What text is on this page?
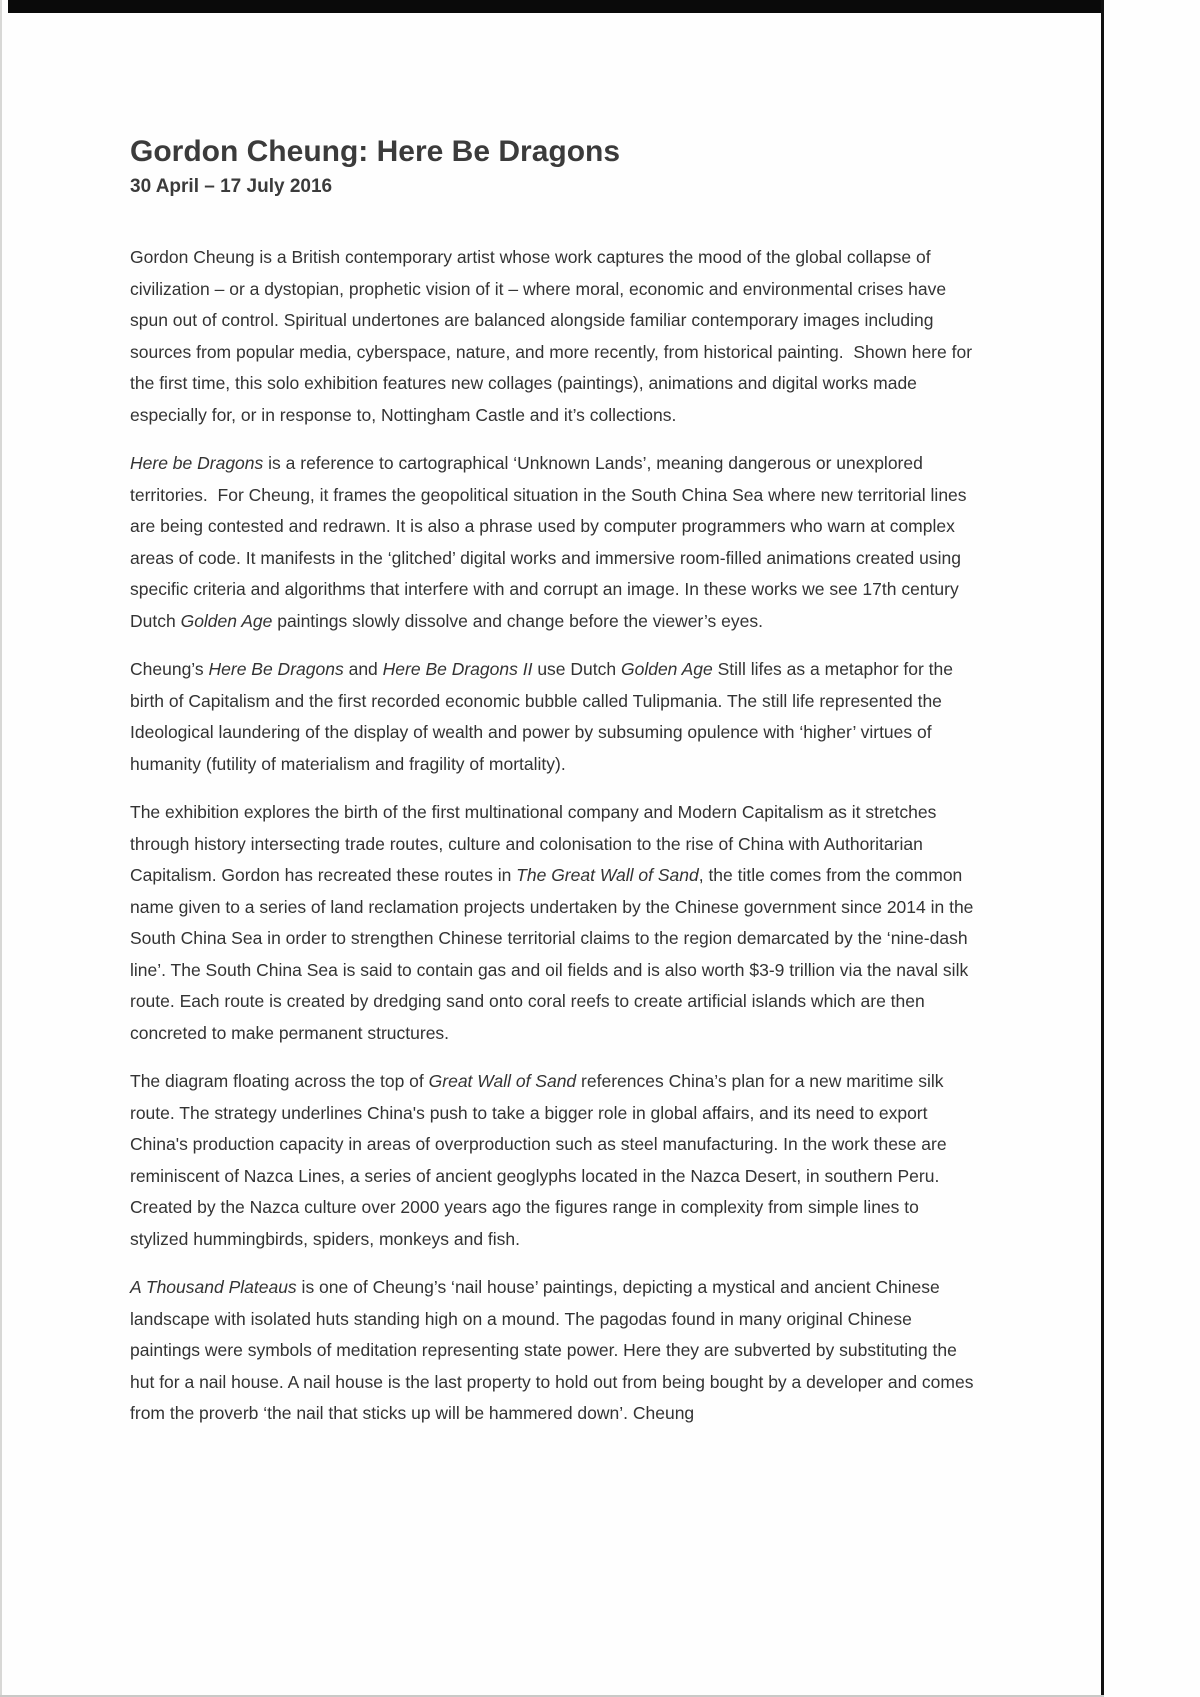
Gordon Cheung: Here Be Dragons
30 April – 17 July 2016

Gordon Cheung is a British contemporary artist whose work captures the mood of the global collapse of civilization – or a dystopian, prophetic vision of it – where moral, economic and environmental crises have spun out of control. Spiritual undertones are balanced alongside familiar contemporary images including sources from popular media, cyberspace, nature, and more recently, from historical painting.  Shown here for the first time, this solo exhibition features new collages (paintings), animations and digital works made especially for, or in response to, Nottingham Castle and it’s collections.

Here be Dragons is a reference to cartographical ‘Unknown Lands’, meaning dangerous or unexplored territories.  For Cheung, it frames the geopolitical situation in the South China Sea where new territorial lines are being contested and redrawn. It is also a phrase used by computer programmers who warn at complex areas of code. It manifests in the ‘glitched’ digital works and immersive room-filled animations created using specific criteria and algorithms that interfere with and corrupt an image. In these works we see 17th century Dutch Golden Age paintings slowly dissolve and change before the viewer’s eyes.

Cheung’s Here Be Dragons and Here Be Dragons II use Dutch Golden Age Still lifes as a metaphor for the birth of Capitalism and the first recorded economic bubble called Tulipmania. The still life represented the Ideological laundering of the display of wealth and power by subsuming opulence with ‘higher’ virtues of humanity (futility of materialism and fragility of mortality).

The exhibition explores the birth of the first multinational company and Modern Capitalism as it stretches through history intersecting trade routes, culture and colonisation to the rise of China with Authoritarian Capitalism. Gordon has recreated these routes in The Great Wall of Sand, the title comes from the common name given to a series of land reclamation projects undertaken by the Chinese government since 2014 in the South China Sea in order to strengthen Chinese territorial claims to the region demarcated by the ‘nine-dash line’. The South China Sea is said to contain gas and oil fields and is also worth $3-9 trillion via the naval silk route. Each route is created by dredging sand onto coral reefs to create artificial islands which are then concreted to make permanent structures.

The diagram floating across the top of Great Wall of Sand references China’s plan for a new maritime silk route. The strategy underlines China's push to take a bigger role in global affairs, and its need to export China's production capacity in areas of overproduction such as steel manufacturing. In the work these are reminiscent of Nazca Lines, a series of ancient geoglyphs located in the Nazca Desert, in southern Peru. Created by the Nazca culture over 2000 years ago the figures range in complexity from simple lines to stylized hummingbirds, spiders, monkeys and fish.

A Thousand Plateaus is one of Cheung’s ‘nail house’ paintings, depicting a mystical and ancient Chinese landscape with isolated huts standing high on a mound. The pagodas found in many original Chinese paintings were symbols of meditation representing state power. Here they are subverted by substituting the hut for a nail house. A nail house is the last property to hold out from being bought by a developer and comes from the proverb ‘the nail that sticks up will be hammered down’. Cheung
